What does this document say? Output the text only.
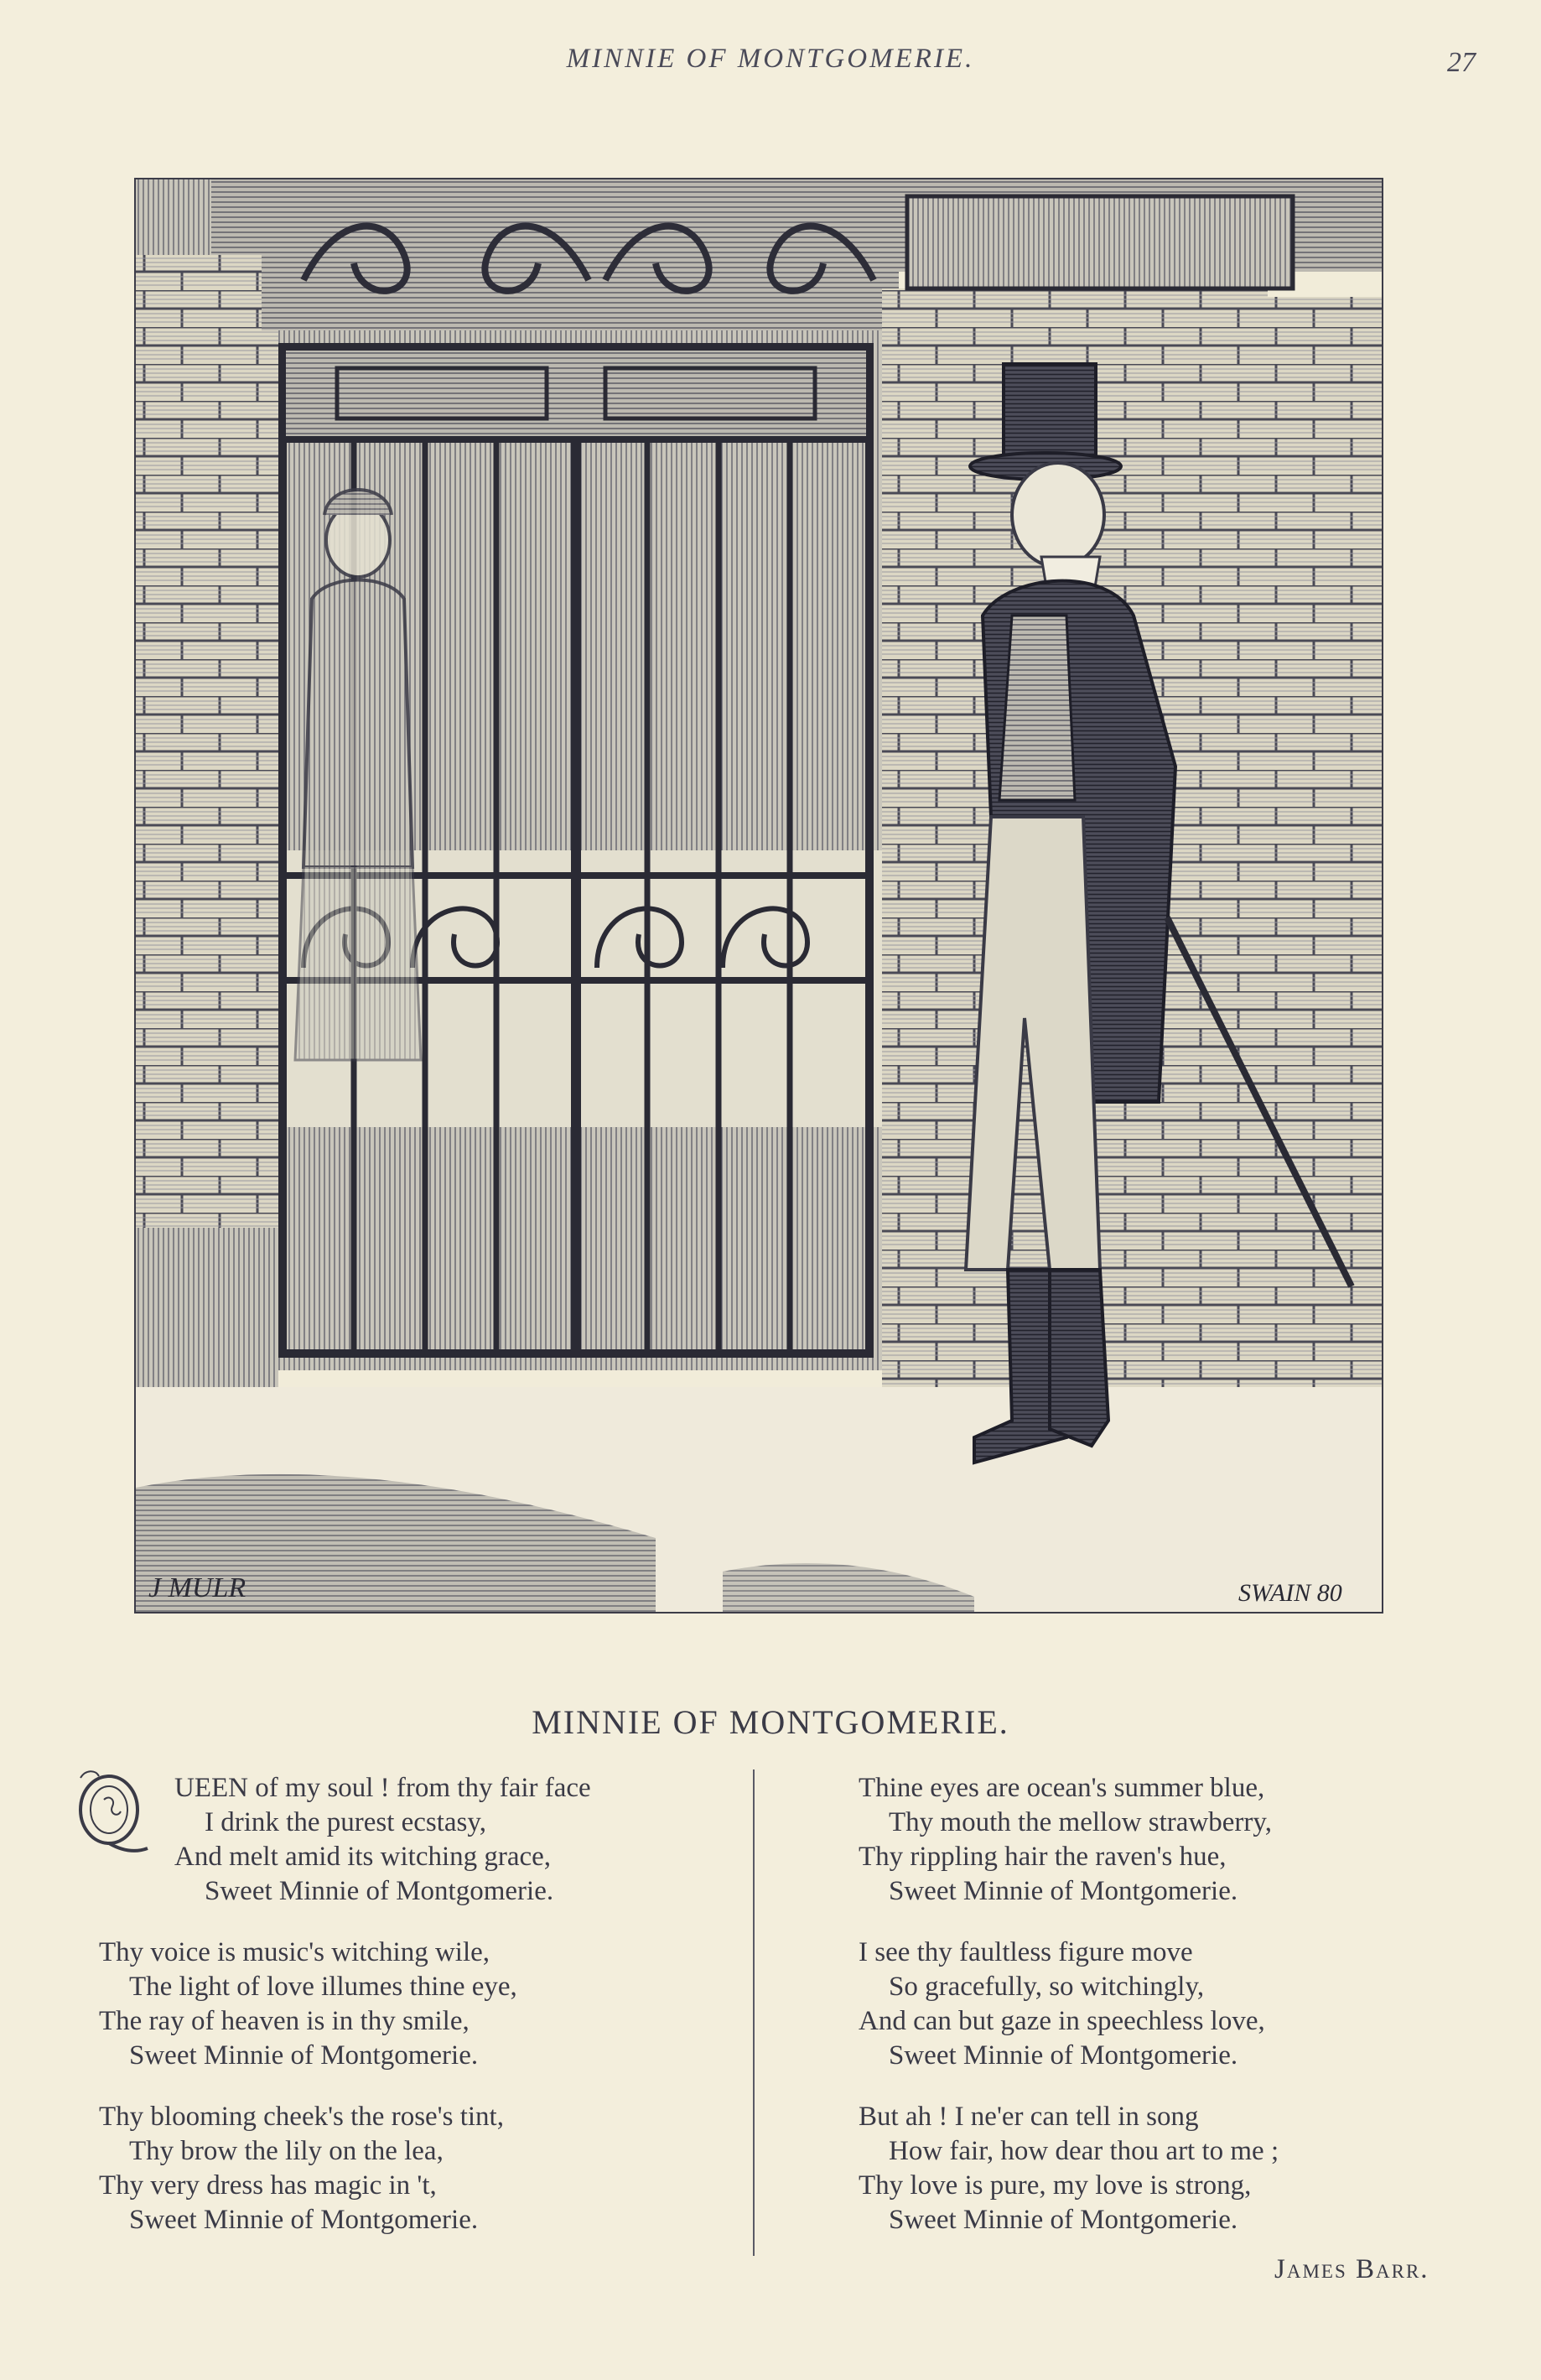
MINNIE OF MONTGOMERIE.	27
J MULR	SWAIN 80
MINNIE OF MONTGOMERIE.
UEEN of my soul ! from thy fair face
I drink the purest ecstasy,
And melt amid its witching grace,
Sweet Minnie of Montgomerie.
Thy voice is music's witching wile,
The light of love illumes thine eye,
The ray of heaven is in thy smile,
Sweet Minnie of Montgomerie.
Thy blooming cheek's the rose's tint,
Thy brow the lily on the lea,
Thy very dress has magic in 't,
Sweet Minnie of Montgomerie.
Thine eyes are ocean's summer blue,
Thy mouth the mellow strawberry,
Thy rippling hair the raven's hue,
Sweet Minnie of Montgomerie.
I see thy faultless figure move
So gracefully, so witchingly,
And can but gaze in speechless love,
Sweet Minnie of Montgomerie.
But ah ! I ne'er can tell in song
How fair, how dear thou art to me ;
Thy love is pure, my love is strong,
Sweet Minnie of Montgomerie.
James Barr.
